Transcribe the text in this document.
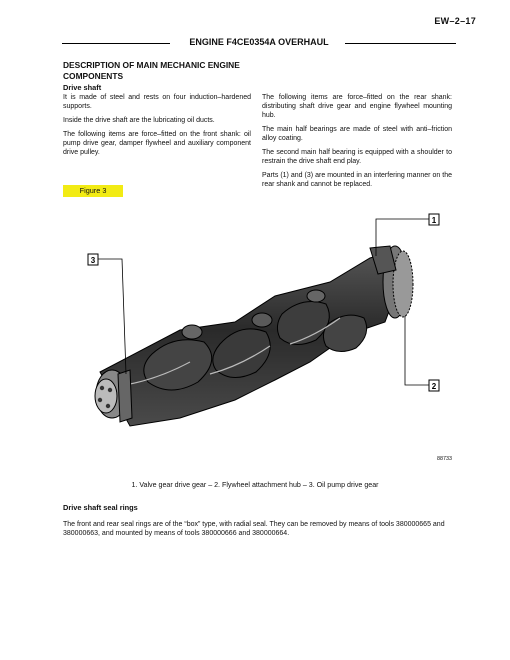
EW–2–17
ENGINE F4CE0354A OVERHAUL
DESCRIPTION OF MAIN MECHANIC ENGINE COMPONENTS
Drive shaft

It is made of steel and rests on four induction–hardened supports.

Inside the drive shaft are the lubricating oil ducts.

The following items are force–fitted on the front shank: oil pump drive gear, damper flywheel and auxiliary component drive pulley.

The following items are force–fitted on the rear shank: distributing shaft drive gear and engine flywheel mounting hub.

The main half bearings are made of steel with anti–friction alloy coating.

The second main half bearing is equipped with a shoulder to restrain the drive shaft end play.

Parts (1) and (3) are mounted in an interfering manner on the rear shank and cannot be replaced.

Figure 3
1
2
3
88733
1. Valve gear drive gear – 2. Flywheel attachment hub – 3. Oil pump drive gear
Drive shaft seal rings
The front and rear seal rings are of the “box” type, with radial seal. They can be removed by means of tools 380000665 and 380000663, and mounted by means of tools 380000666 and 380000664.
